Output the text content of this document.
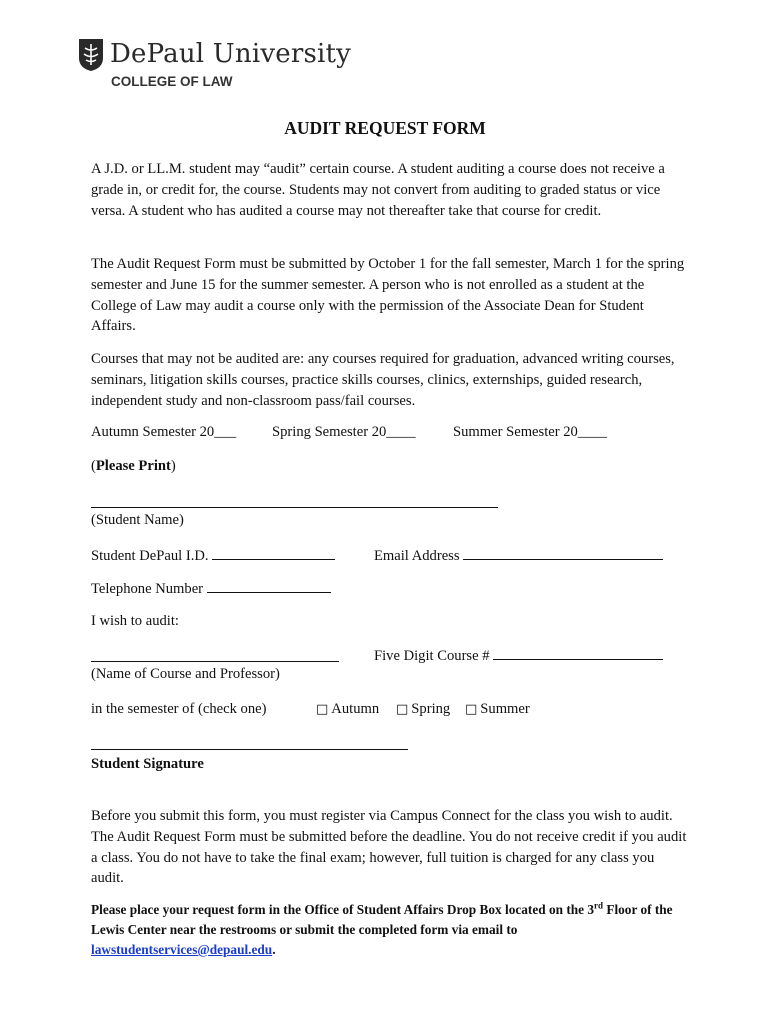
DePaul University
COLLEGE OF LAW
AUDIT REQUEST FORM

A J.D. or LL.M. student may “audit” certain course. A student auditing a course does not receive a grade in, or credit for, the course. Students may not convert from auditing to graded status or vice versa. A student who has audited a course may not thereafter take that course for credit.

The Audit Request Form must be submitted by October 1 for the fall semester, March 1 for the spring semester and June 15 for the summer semester. A person who is not enrolled as a student at the College of Law may audit a course only with the permission of the Associate Dean for Student Affairs.

Courses that may not be audited are: any courses required for graduation, advanced writing courses, seminars, litigation skills courses, practice skills courses, clinics, externships, guided research, independent study and non-classroom pass/fail courses.

Autumn Semester 20___ Spring Semester 20____	Summer Semester 20____
(Please Print)
(Student Name)
Student DePaul I.D.	Email Address
Telephone Number
I wish to audit:
Five Digit Course #
(Name of Course and Professor)
in the semester of (check one)	□ Autumn □ Spring □ Summer
Student Signature

Before you submit this form, you must register via Campus Connect for the class you wish to audit. The Audit Request Form must be submitted before the deadline. You do not receive credit if you audit a class. You do not have to take the final exam; however, full tuition is charged for any class you audit.

Please place your request form in the Office of Student Affairs Drop Box located on the 3rd Floor of the Lewis Center near the restrooms or submit the completed form via email to lawstudentservices@depaul.edu.
